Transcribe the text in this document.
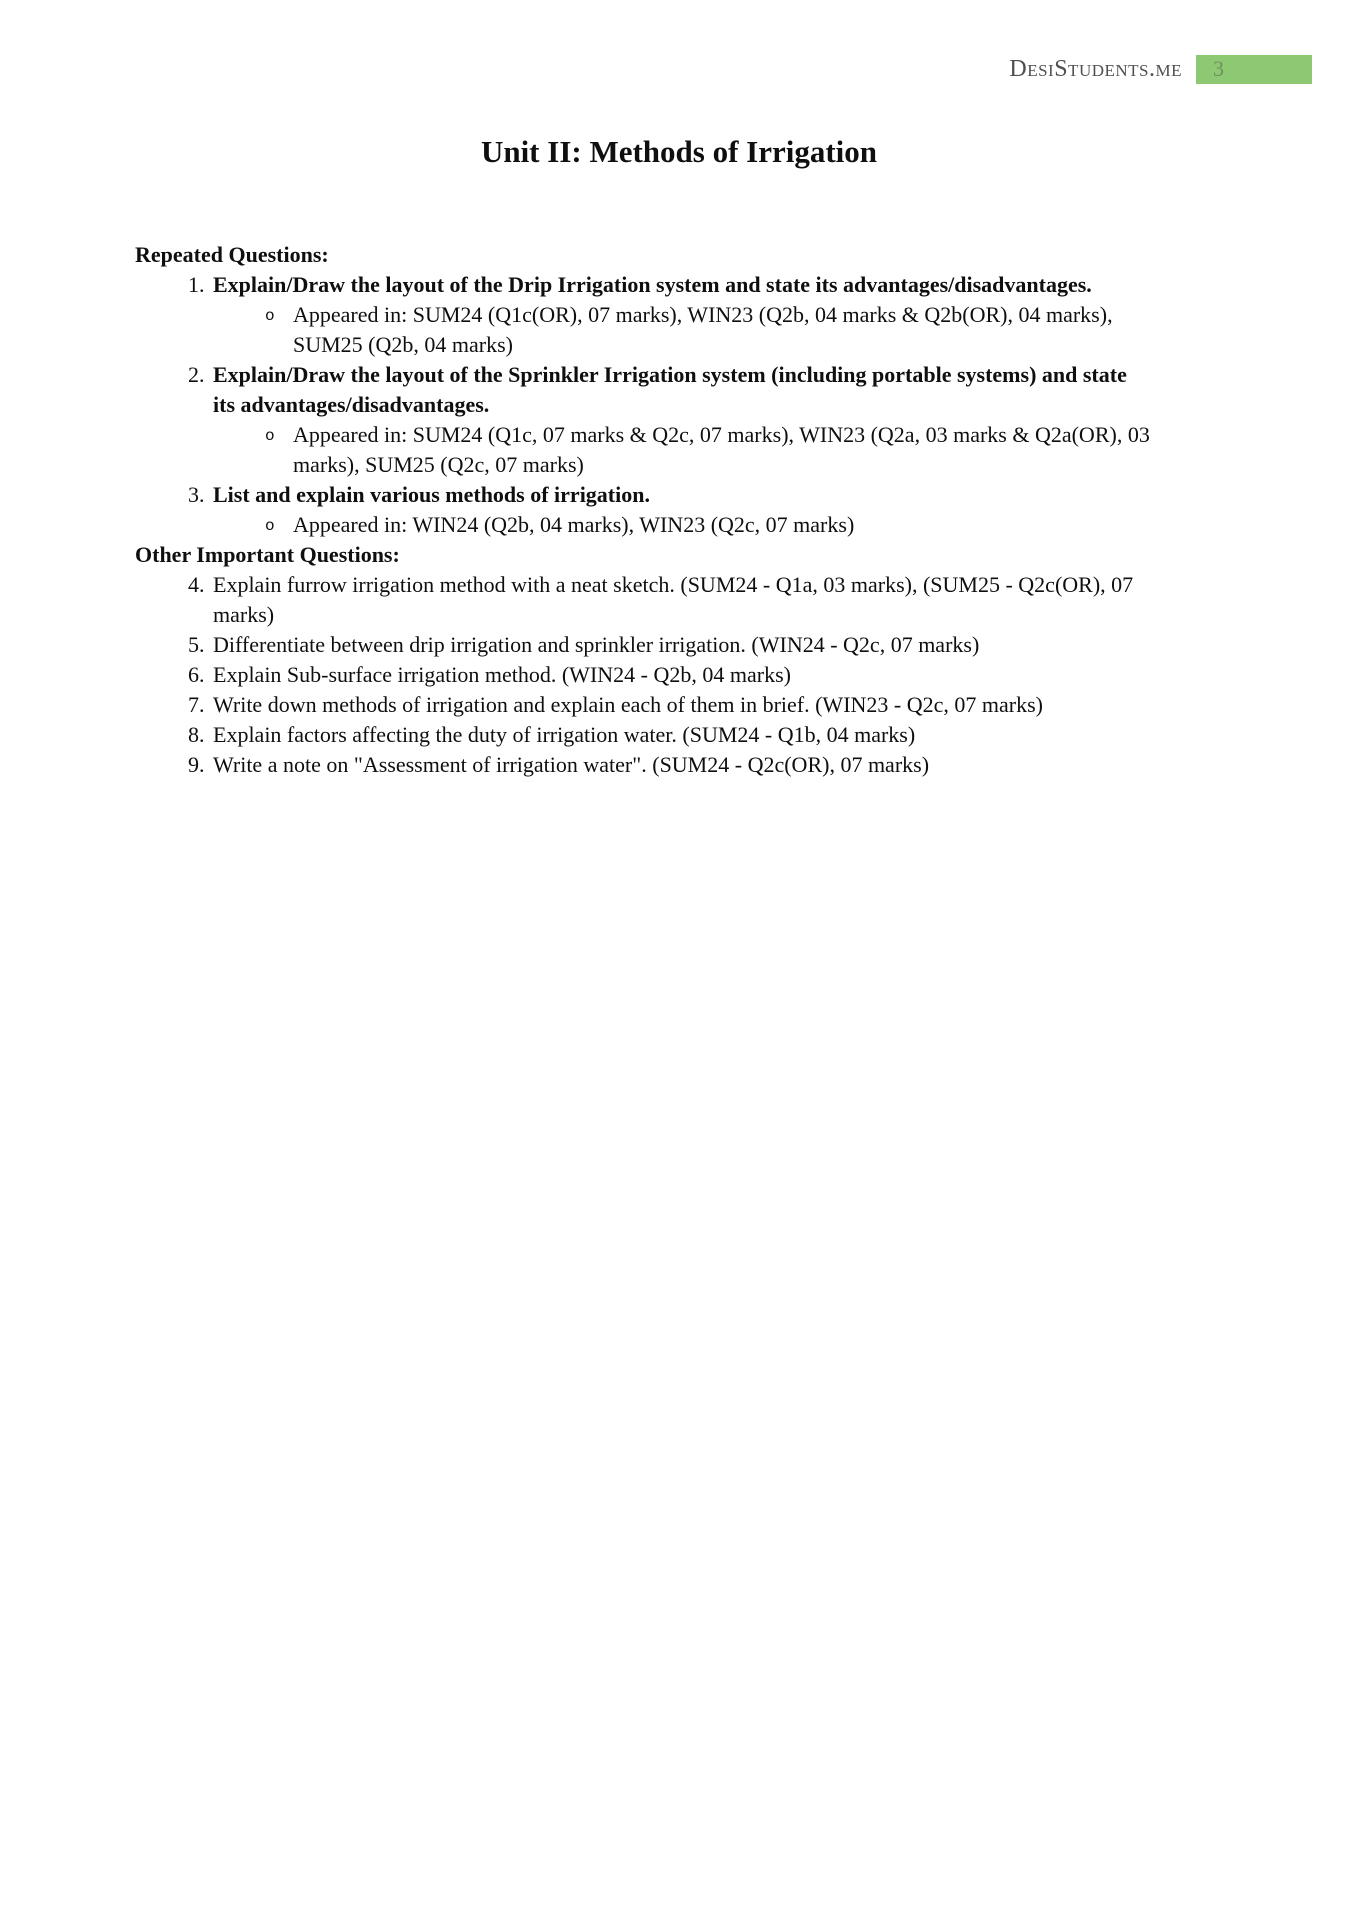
DesiStudents.me 3
Unit II: Methods of Irrigation
Repeated Questions:
1. Explain/Draw the layout of the Drip Irrigation system and state its advantages/disadvantages.
o Appeared in: SUM24 (Q1c(OR), 07 marks), WIN23 (Q2b, 04 marks & Q2b(OR), 04 marks), SUM25 (Q2b, 04 marks)
2. Explain/Draw the layout of the Sprinkler Irrigation system (including portable systems) and state its advantages/disadvantages.
o Appeared in: SUM24 (Q1c, 07 marks & Q2c, 07 marks), WIN23 (Q2a, 03 marks & Q2a(OR), 03 marks), SUM25 (Q2c, 07 marks)
3. List and explain various methods of irrigation.
o Appeared in: WIN24 (Q2b, 04 marks), WIN23 (Q2c, 07 marks)
Other Important Questions:
4. Explain furrow irrigation method with a neat sketch. (SUM24 - Q1a, 03 marks), (SUM25 - Q2c(OR), 07 marks)
5. Differentiate between drip irrigation and sprinkler irrigation. (WIN24 - Q2c, 07 marks)
6. Explain Sub-surface irrigation method. (WIN24 - Q2b, 04 marks)
7. Write down methods of irrigation and explain each of them in brief. (WIN23 - Q2c, 07 marks)
8. Explain factors affecting the duty of irrigation water. (SUM24 - Q1b, 04 marks)
9. Write a note on "Assessment of irrigation water". (SUM24 - Q2c(OR), 07 marks)
